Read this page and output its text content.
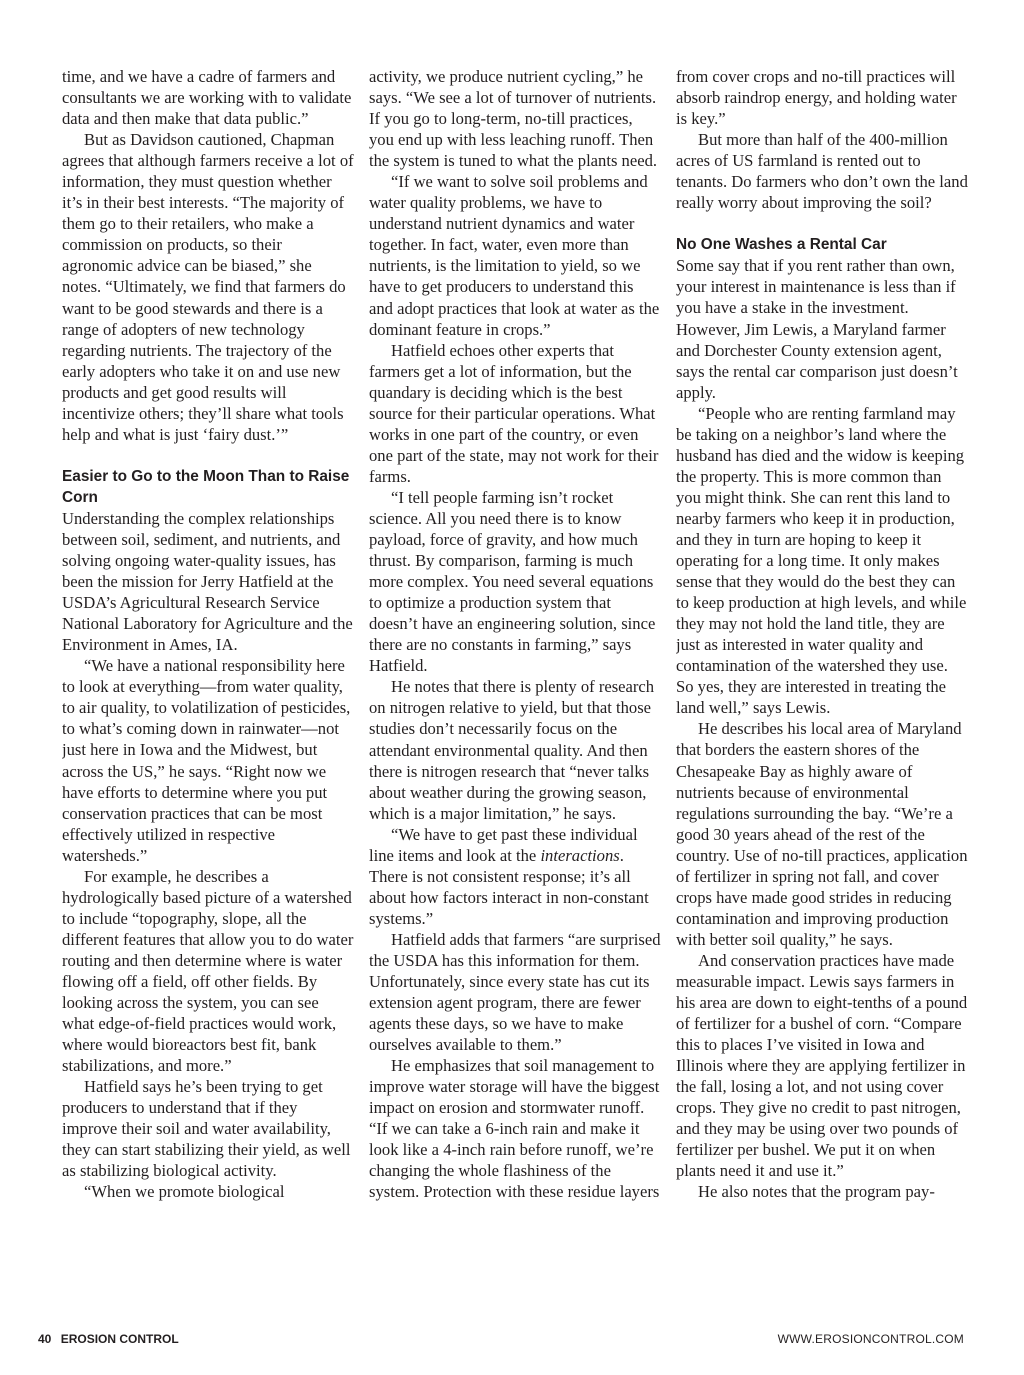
time, and we have a cadre of farmers and consultants we are working with to validate data and then make that data public.”

But as Davidson cautioned, Chapman agrees that although farmers receive a lot of information, they must question whether it’s in their best interests. “The majority of them go to their retailers, who make a commission on products, so their agronomic advice can be biased,” she notes. “Ultimately, we find that farmers do want to be good stewards and there is a range of adopters of new technology regarding nutrients. The trajectory of the early adopters who take it on and use new products and get good results will incentivize others; they’ll share what tools help and what is just ‘fairy dust.’”

Easier to Go to the Moon Than to Raise Corn

Understanding the complex relationships between soil, sediment, and nutrients, and solving ongoing water-quality issues, has been the mission for Jerry Hatfield at the USDA’s Agricultural Research Service National Laboratory for Agriculture and the Environment in Ames, IA.

“We have a national responsibility here to look at everything—from water quality, to air quality, to volatilization of pesticides, to what’s coming down in rainwater—not just here in Iowa and the Midwest, but across the US,” he says. “Right now we have efforts to determine where you put conservation practices that can be most effectively utilized in respective watersheds.”

For example, he describes a hydrologically based picture of a watershed to include “topography, slope, all the different features that allow you to do water routing and then determine where is water flowing off a field, off other fields. By looking across the system, you can see what edge-of-field practices would work, where would bioreactors best fit, bank stabilizations, and more.”

Hatfield says he’s been trying to get producers to understand that if they improve their soil and water availability, they can start stabilizing their yield, as well as stabilizing biological activity.

“When we promote biological

activity, we produce nutrient cycling,” he says. “We see a lot of turnover of nutrients. If you go to long-term, no-till practices, you end up with less leaching runoff. Then the system is tuned to what the plants need.

“If we want to solve soil problems and water quality problems, we have to understand nutrient dynamics and water together. In fact, water, even more than nutrients, is the limitation to yield, so we have to get producers to understand this and adopt practices that look at water as the dominant feature in crops.”

Hatfield echoes other experts that farmers get a lot of information, but the quandary is deciding which is the best source for their particular operations. What works in one part of the country, or even one part of the state, may not work for their farms.

“I tell people farming isn’t rocket science. All you need there is to know payload, force of gravity, and how much thrust. By comparison, farming is much more complex. You need several equations to optimize a production system that doesn’t have an engineering solution, since there are no constants in farming,” says Hatfield.

He notes that there is plenty of research on nitrogen relative to yield, but that those studies don’t necessarily focus on the attendant environmental quality. And then there is nitrogen research that “never talks about weather during the growing season, which is a major limitation,” he says.

“We have to get past these individual line items and look at the interactions. There is not consistent response; it’s all about how factors interact in non-constant systems.”

Hatfield adds that farmers “are surprised the USDA has this information for them. Unfortunately, since every state has cut its extension agent program, there are fewer agents these days, so we have to make ourselves available to them.”

He emphasizes that soil management to improve water storage will have the biggest impact on erosion and stormwater runoff. “If we can take a 6-inch rain and make it look like a 4-inch rain before runoff, we’re changing the whole flashiness of the system. Protection with these residue layers

from cover crops and no-till practices will absorb raindrop energy, and holding water is key.”

But more than half of the 400-million acres of US farmland is rented out to tenants. Do farmers who don’t own the land really worry about improving the soil?

No One Washes a Rental Car

Some say that if you rent rather than own, your interest in maintenance is less than if you have a stake in the investment. However, Jim Lewis, a Maryland farmer and Dorchester County extension agent, says the rental car comparison just doesn’t apply.

“People who are renting farmland may be taking on a neighbor’s land where the husband has died and the widow is keeping the property. This is more common than you might think. She can rent this land to nearby farmers who keep it in production, and they in turn are hoping to keep it operating for a long time. It only makes sense that they would do the best they can to keep production at high levels, and while they may not hold the land title, they are just as interested in water quality and contamination of the watershed they use. So yes, they are interested in treating the land well,” says Lewis.

He describes his local area of Maryland that borders the eastern shores of the Chesapeake Bay as highly aware of nutrients because of environmental regulations surrounding the bay. “We’re a good 30 years ahead of the rest of the country. Use of no-till practices, application of fertilizer in spring not fall, and cover crops have made good strides in reducing contamination and improving production with better soil quality,” he says.

And conservation practices have made measurable impact. Lewis says farmers in his area are down to eight-tenths of a pound of fertilizer for a bushel of corn. “Compare this to places I’ve visited in Iowa and Illinois where they are applying fertilizer in the fall, losing a lot, and not using cover crops. They give no credit to past nitrogen, and they may be using over two pounds of fertilizer per bushel. We put it on when plants need it and use it.”

He also notes that the program pay-

40 EROSION CONTROL	WWW.EROSIONCONTROL.COM
